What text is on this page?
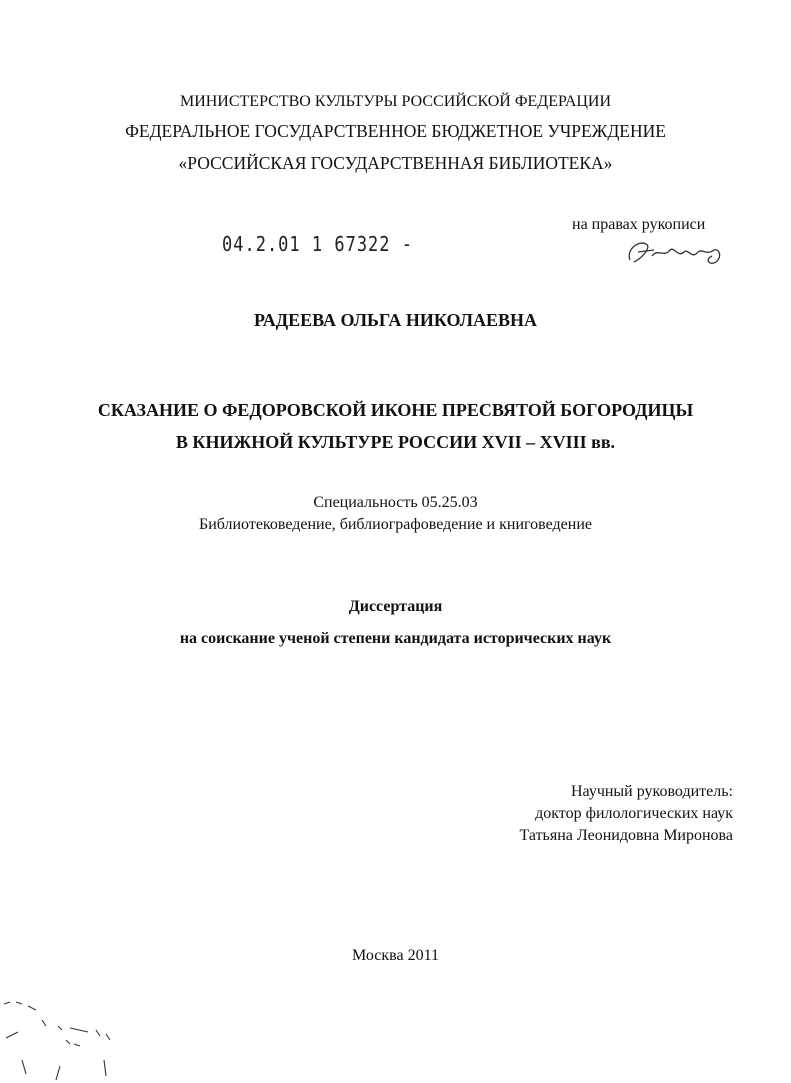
МИНИСТЕРСТВО КУЛЬТУРЫ РОССИЙСКОЙ ФЕДЕРАЦИИ
ФЕДЕРАЛЬНОЕ ГОСУДАРСТВЕННОЕ БЮДЖЕТНОЕ УЧРЕЖДЕНИЕ
«РОССИЙСКАЯ ГОСУДАРСТВЕННАЯ БИБЛИОТЕКА»
04.2.01 1 67322 -
на правах рукописи
РАДЕЕВА ОЛЬГА НИКОЛАЕВНА
СКАЗАНИЕ О ФЕДОРОВСКОЙ ИКОНЕ ПРЕСВЯТОЙ БОГОРОДИЦЫ
В КНИЖНОЙ КУЛЬТУРЕ РОССИИ XVII – XVIII вв.
Специальность 05.25.03
Библиотековедение, библиографоведение и книговедение
Диссертация
на соискание ученой степени кандидата исторических наук
Научный руководитель:
доктор филологических наук
Татьяна Леонидовна Миронова
Москва 2011
